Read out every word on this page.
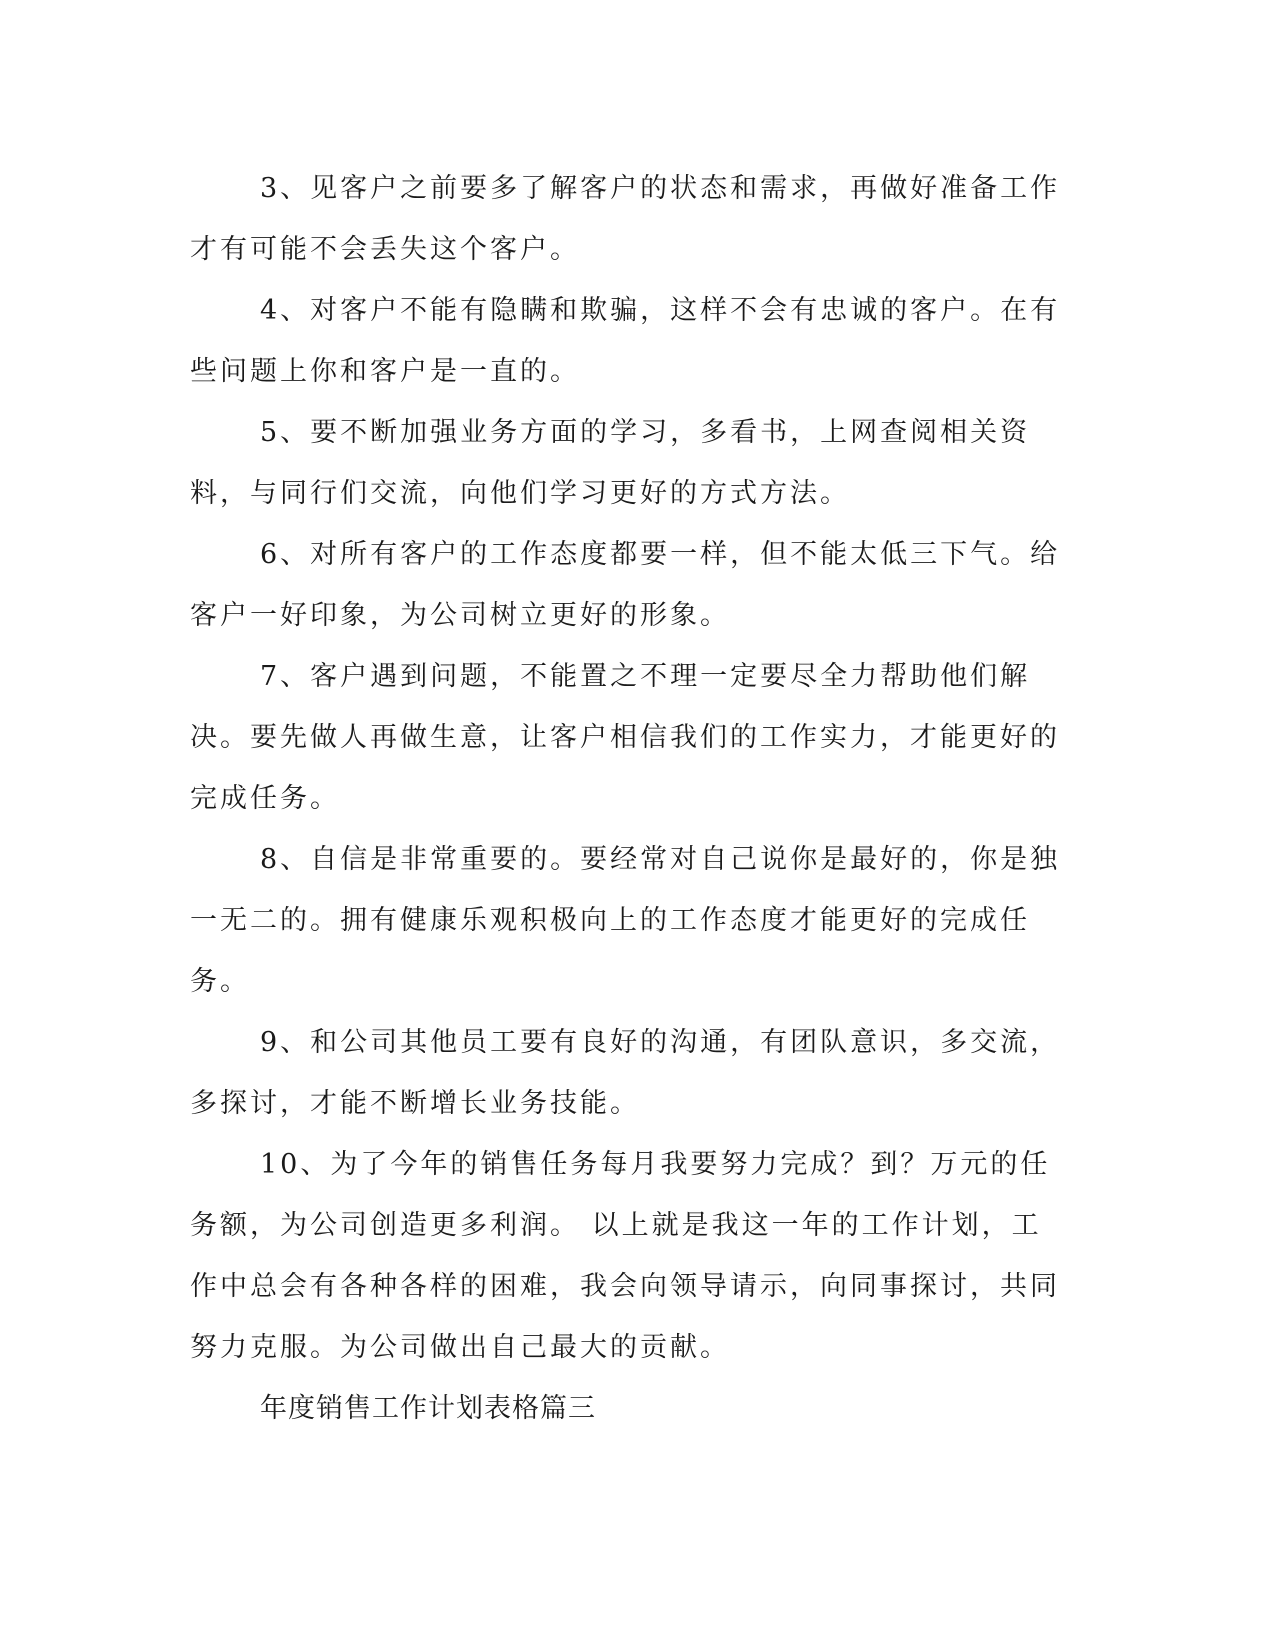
3、见客户之前要多了解客户的状态和需求，再做好准备工作才有可能不会丢失这个客户。

4、对客户不能有隐瞒和欺骗，这样不会有忠诚的客户。在有些问题上你和客户是一直的。

5、要不断加强业务方面的学习，多看书，上网查阅相关资料，与同行们交流，向他们学习更好的方式方法。

6、对所有客户的工作态度都要一样，但不能太低三下气。给客户一好印象，为公司树立更好的形象。

7、客户遇到问题，不能置之不理一定要尽全力帮助他们解决。要先做人再做生意，让客户相信我们的工作实力，才能更好的完成任务。

8、自信是非常重要的。要经常对自己说你是最好的，你是独一无二的。拥有健康乐观积极向上的工作态度才能更好的完成任务。

9、和公司其他员工要有良好的沟通，有团队意识，多交流，多探讨，才能不断增长业务技能。

10、为了今年的销售任务每月我要努力完成？到？万元的任务额，为公司创造更多利润。 以上就是我这一年的工作计划，工作中总会有各种各样的困难，我会向领导请示，向同事探讨，共同努力克服。为公司做出自己最大的贡献。

年度销售工作计划表格篇三
